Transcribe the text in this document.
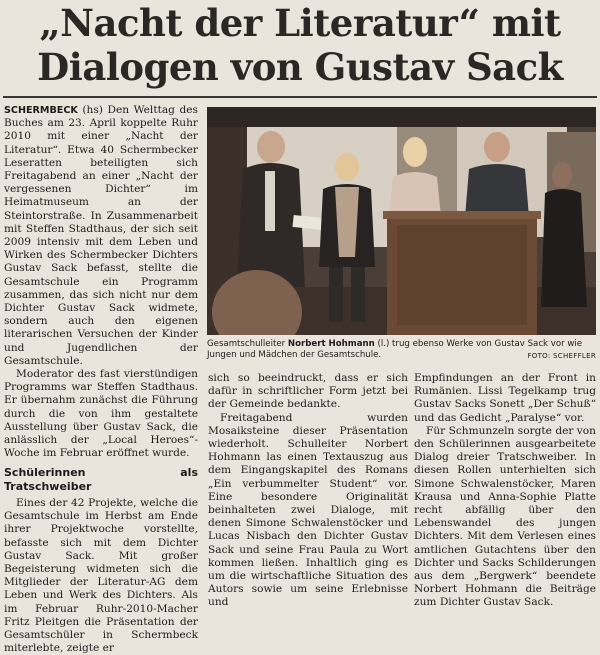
„Nacht der Literatur“ mit
Dialogen von Gustav Sack

SCHERMBECK (hs) Den Welttag des Buches am 23. April koppelte Ruhr 2010 mit einer „Nacht der Literatur“. Etwa 40 Schermbecker Leseratten beteiligten sich Freitagabend an einer „Nacht der vergessenen Dichter“ im Heimatmuseum an der Steintorstraße. In Zusammenarbeit mit Steffen Stadthaus, der sich seit 2009 intensiv mit dem Leben und Wirken des Schermbecker Dichters Gustav Sack befasst, stellte die Gesamtschule ein Programm zusammen, das sich nicht nur dem Dichter Gustav Sack widmete, sondern auch den eigenen literarischen Versuchen der Kinder und Jugendlichen der Gesamtschule.

Moderator des fast vierstündigen Programms war Steffen Stadthaus. Er übernahm zunächst die Führung durch die von ihm gestaltete Ausstellung über Gustav Sack, die anlässlich der „Local Heroes“-Woche im Februar eröffnet wurde.

Schülerinnen als Tratschweiber

Eines der 42 Projekte, welche die Gesamtschule im Herbst am Ende ihrer Projektwoche vorstellte, befasste sich mit dem Dichter Gustav Sack. Mit großer Begeisterung widmeten sich die Mitglieder der Literatur-AG dem Leben und Werk des Dichters. Als im Februar Ruhr-2010-Macher Fritz Pleitgen die Präsentation der Gesamtschüler in Schermbeck miterlebte, zeigte er

Gesamtschulleiter Norbert Hohmann (l.) trug ebenso Werke von Gustav Sack vor wie Jungen und Mädchen der Gesamtschule.	FOTO: SCHEFFLER

sich so beeindruckt, dass er sich dafür in schriftlicher Form jetzt bei der Gemeinde bedankte.

Freitagabend wurden Mosaiksteine dieser Präsentation wiederholt. Schulleiter Norbert Hohmann las einen Textauszug aus dem Eingangskapitel des Romans „Ein verbummelter Student“ vor. Eine besondere Originalität beinhalteten zwei Dialoge, mit denen Simone Schwalenstöcker und Lucas Nisbach den Dichter Gustav Sack und seine Frau Paula zu Wort kommen ließen. Inhaltlich ging es um die wirtschaftliche Situation des Autors sowie um seine Erlebnisse und

Empfindungen an der Front in Rumänien. Lissi Tegelkamp trug Gustav Sacks Sonett „Der Schuß“ und das Gedicht „Paralyse“ vor.

Für Schmunzeln sorgte der von den Schülerinnen ausgearbeitete Dialog dreier Tratschweiber. In diesen Rollen unterhielten sich Simone Schwalenstöcker, Maren Krausa und Anna-Sophie Platte recht abfällig über den Lebenswandel des jungen Dichters. Mit dem Verlesen eines amtlichen Gutachtens über den Dichter und Sacks Schilderungen aus dem „Bergwerk“ beendete Norbert Hohmann die Beiträge zum Dichter Gustav Sack.
